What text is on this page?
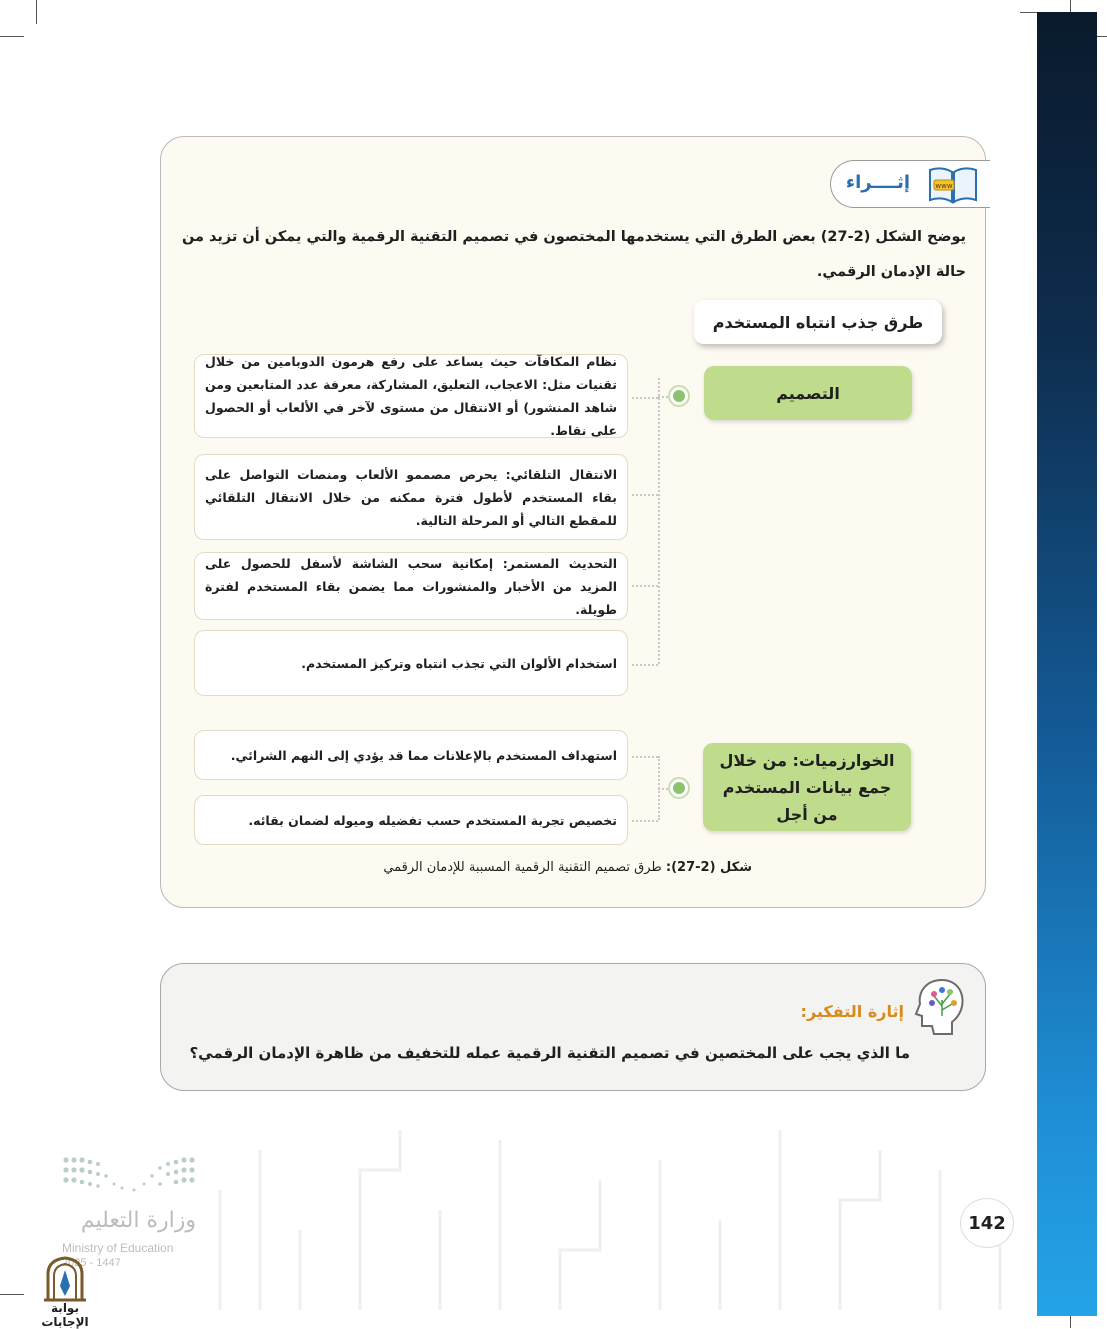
إثــــراء	www
يوضح الشكل (2-27) بعض الطرق التي يستخدمها المختصون في تصميم التقنية الرقمية والتي يمكن أن تزيد من حالة الإدمان الرقمي.
طرق جذب انتباه المستخدم
التصميم
الخوارزميات: من خلال جمع بيانات المستخدم من أجل
نظام المكافآت حيث يساعد على رفع هرمون الدوبامين من خلال تقنيات مثل: الاعجاب، التعليق، المشاركة، معرفة عدد المتابعين ومن شاهد المنشور) أو الانتقال من مستوى لآخر في الألعاب أو الحصول على نقاط.
الانتقال التلقائي: يحرص مصممو الألعاب ومنصات التواصل على بقاء المستخدم لأطول فترة ممكنه من خلال الانتقال التلقائي للمقطع التالي أو المرحلة التالية.
التحديث المستمر: إمكانية سحب الشاشة لأسفل للحصول على المزيد من الأخبار والمنشورات مما يضمن بقاء المستخدم لفترة طويلة.
استخدام الألوان التي تجذب انتباه وتركيز المستخدم.
استهداف المستخدم بالإعلانات مما قد يؤدي إلى النهم الشرائي.
تخصيص تجربة المستخدم حسب تفضيله وميوله لضمان بقائه.
شكل (2-27): طرق تصميم التقنية الرقمية المسببة للإدمان الرقمي
إثارة التفكير:
ما الذي يجب على المختصين في تصميم التقنية الرقمية عمله للتخفيف من ظاهرة الإدمان الرقمي؟
142
وزارة التعليم
Ministry of Education
2025 - 1447
بوابة الإجابات
